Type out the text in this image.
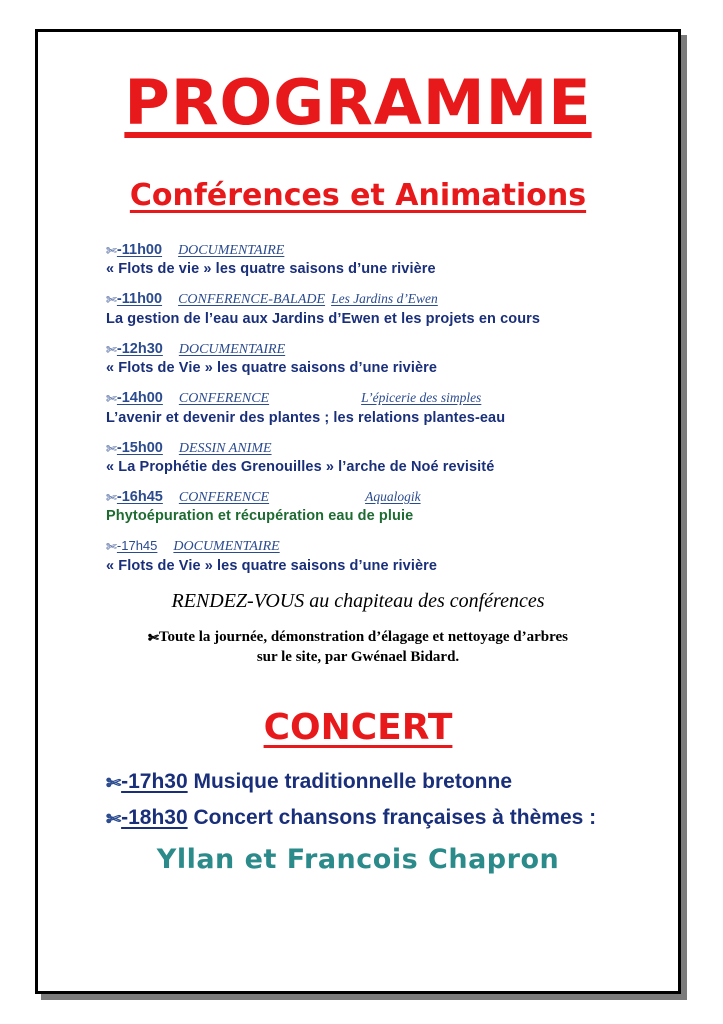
PROGRAMME
Conférences et Animations
✄-11h00 DOCUMENTAIRE
« Flots de vie » les quatre saisons d’une rivière
✄-11h00 CONFERENCE-BALADE Les Jardins d’Ewen
La gestion de l’eau aux Jardins d’Ewen et les projets en cours
✄-12h30 DOCUMENTAIRE
« Flots de Vie » les quatre saisons d’une rivière
✄-14h00 CONFERENCE	L’épicerie des simples
L’avenir et devenir des plantes ; les relations plantes-eau
✄-15h00 DESSIN ANIME
« La Prophétie des Grenouilles » l’arche de Noé revisité
✄-16h45 CONFERENCE	Aqualogik
Phytoépuration et récupération eau de pluie
✄-17h45 DOCUMENTAIRE
« Flots de Vie » les quatre saisons d’une rivière
RENDEZ-VOUS au chapiteau des conférences
✄Toute la journée, démonstration d’élagage et nettoyage d’arbres
sur le site, par Gwénael Bidard.
CONCERT
✄-17h30 Musique traditionnelle bretonne
✄-18h30 Concert chansons françaises à thèmes :
Yllan et Francois Chapron
